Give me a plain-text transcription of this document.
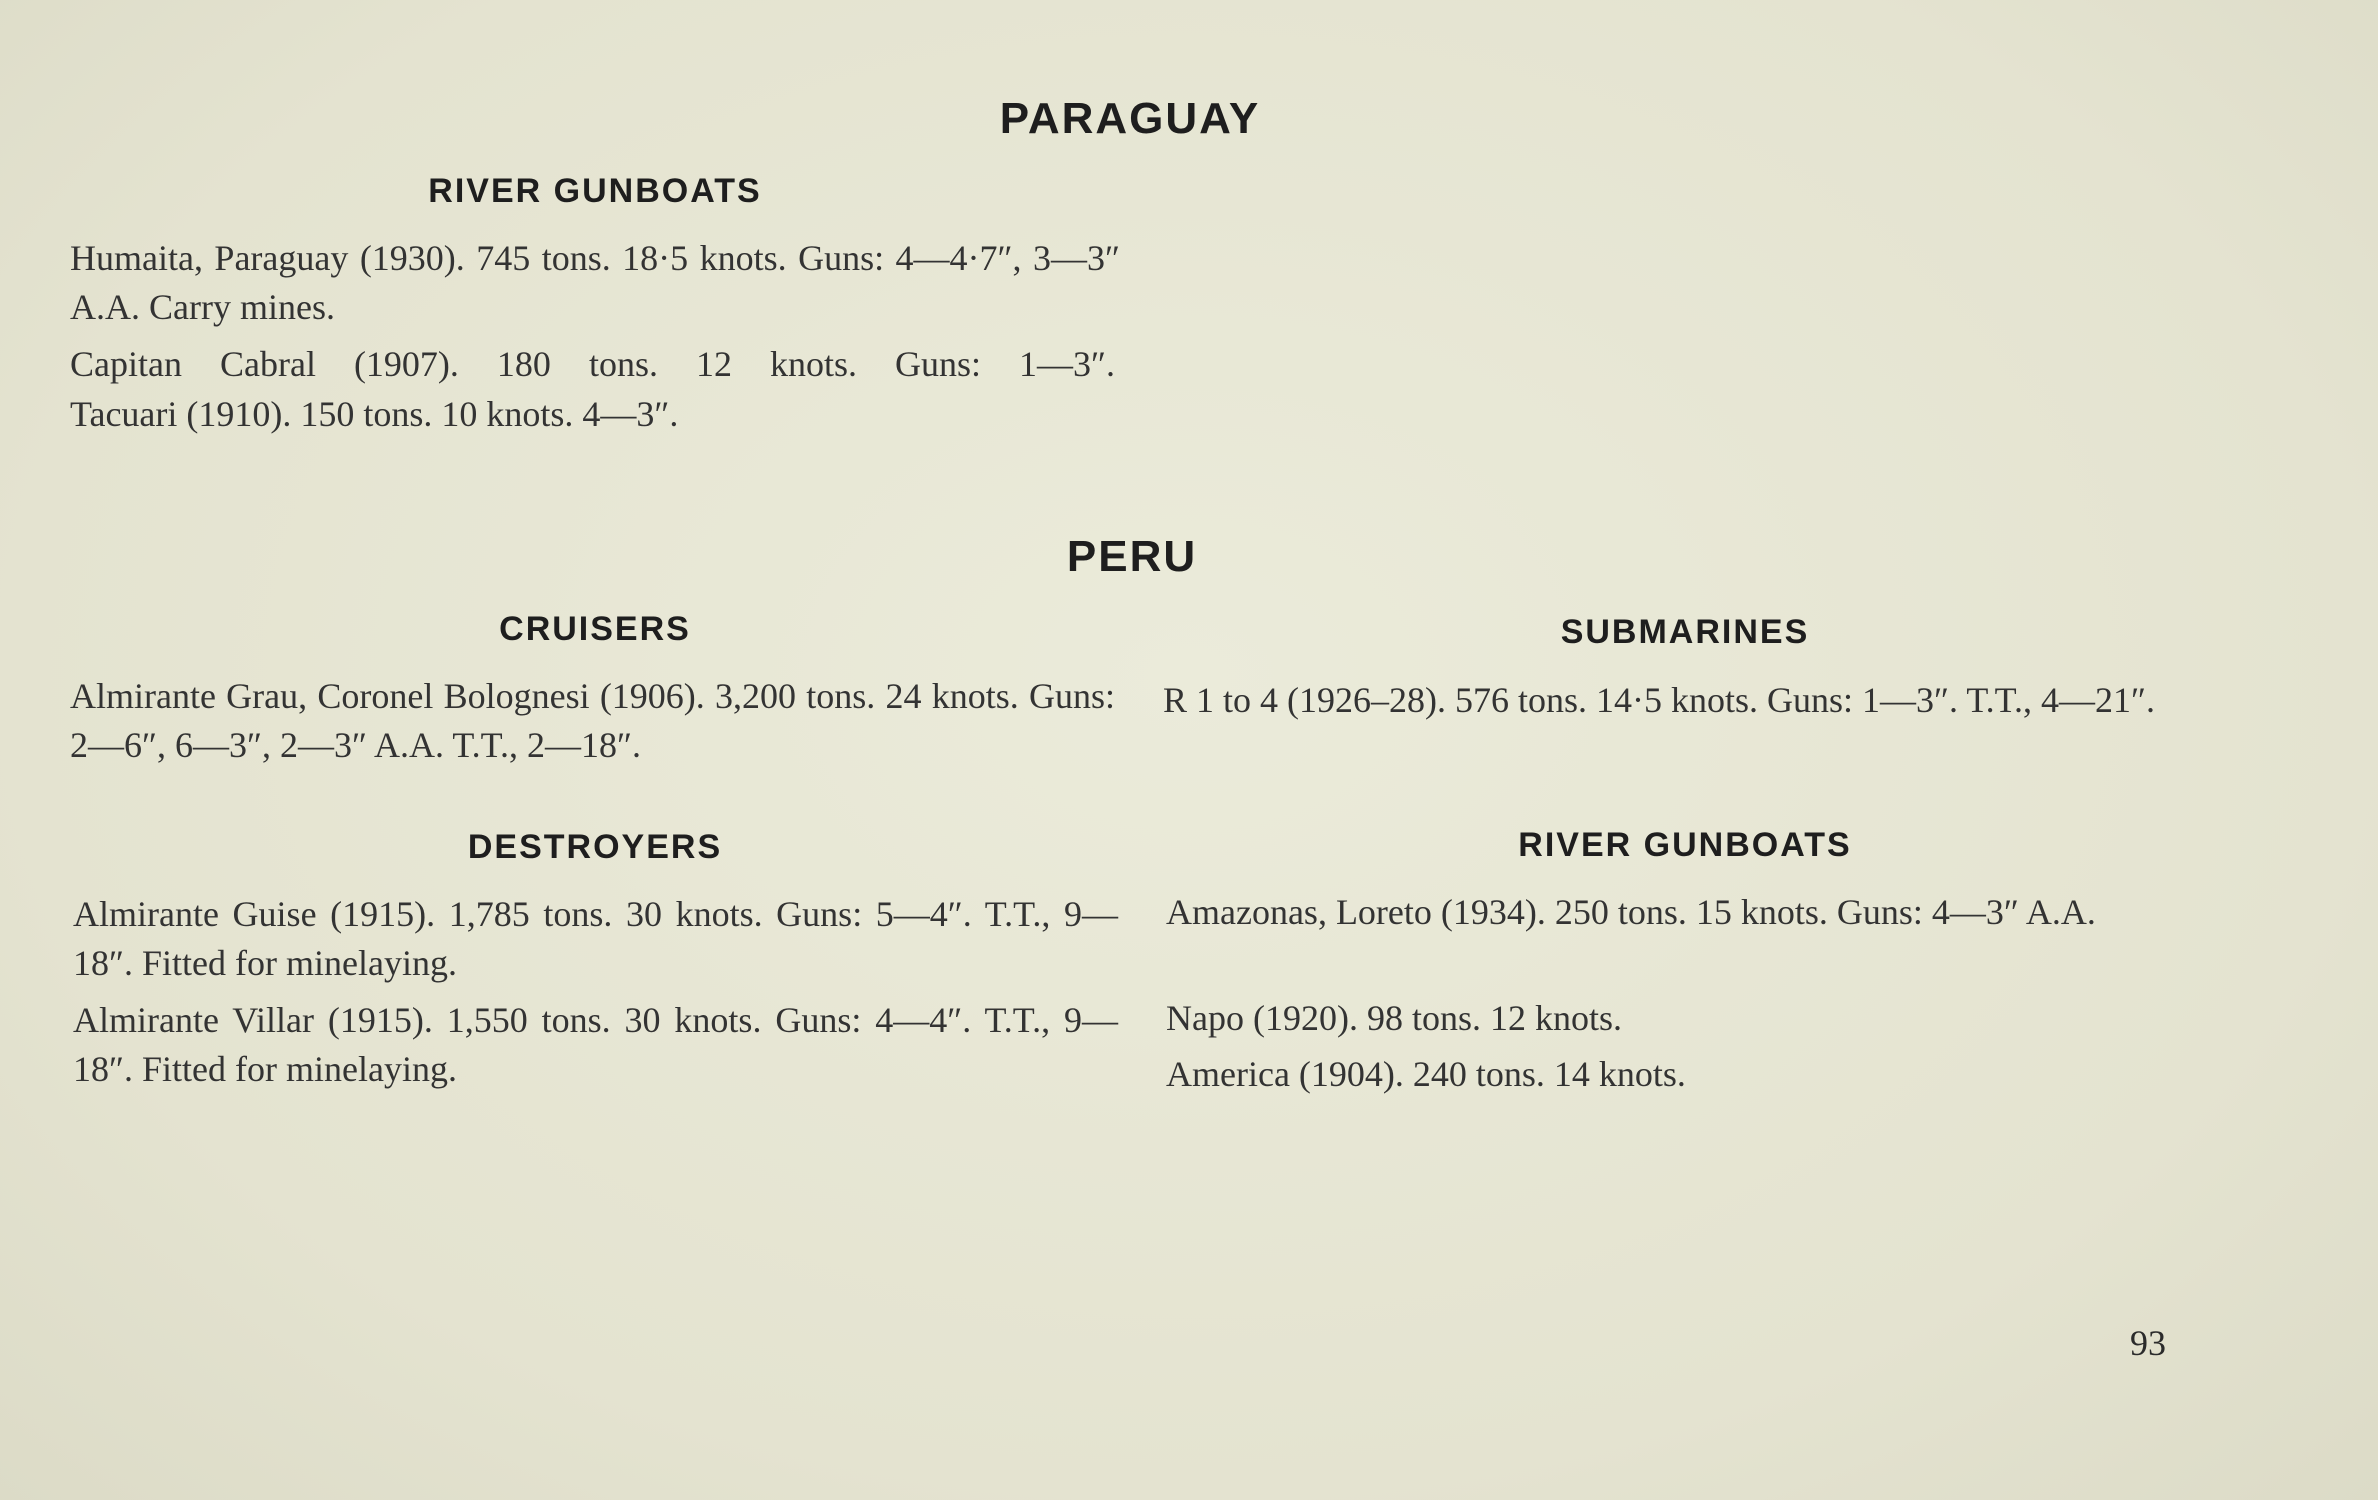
PARAGUAY
RIVER GUNBOATS
Humaita, Paraguay (1930). 745 tons. 18·5 knots. Guns: 4—4·7″, 3—3″ A.A. Carry mines.
Capitan Cabral (1907). 180 tons. 12 knots. Guns: 1—3″.
Tacuari (1910). 150 tons. 10 knots. 4—3″.
PERU
CRUISERS	SUBMARINES
Almirante Grau, Coronel Bolognesi (1906). 3,200 tons. 24 knots. Guns: 2—6″, 6—3″, 2—3″ A.A. T.T., 2—18″.
R 1 to 4 (1926–28). 576 tons. 14·5 knots. Guns: 1—3″. T.T., 4—21″.
DESTROYERS	RIVER GUNBOATS
Almirante Guise (1915). 1,785 tons. 30 knots. Guns: 5—4″. T.T., 9—18″. Fitted for minelaying.
Almirante Villar (1915). 1,550 tons. 30 knots. Guns: 4—4″. T.T., 9—18″. Fitted for minelaying.
Amazonas, Loreto (1934). 250 tons. 15 knots. Guns: 4—3″ A.A.
Napo (1920). 98 tons. 12 knots.
America (1904). 240 tons. 14 knots.
93
